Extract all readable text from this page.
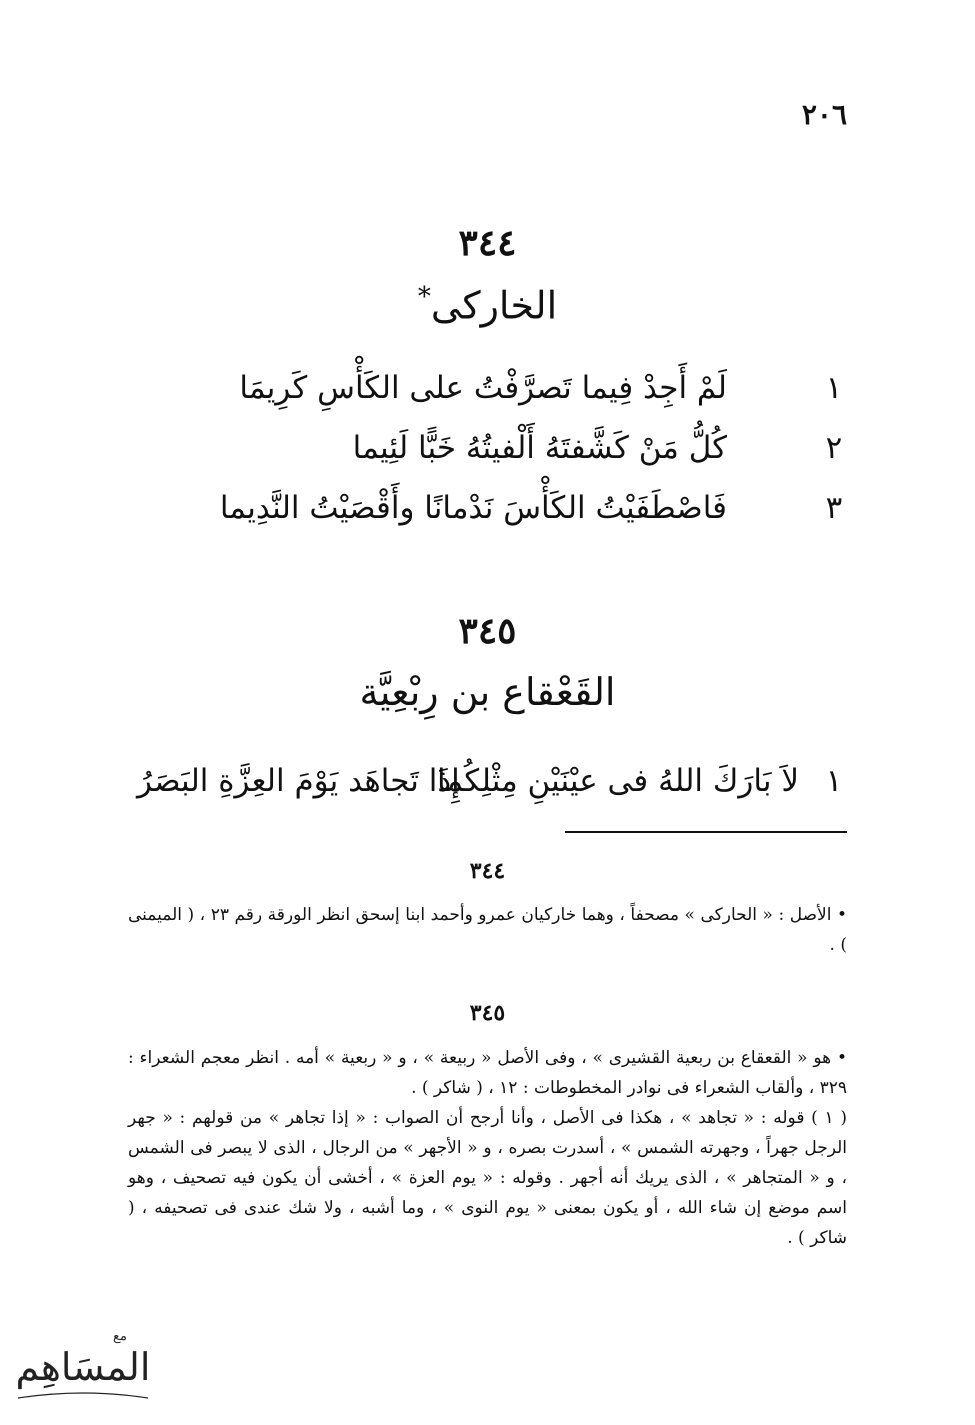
٢٠٦
٣٤٤
الخاركى*
١
لَمْ أَجِدْ فِيما تَصرَّفْتُ على الكَأْسِ كَرِيمَا
٢
كُلُّ مَنْ كَشَّفتَهُ أَلْفيتُهُ خَبًّا لَئِيما
٣
فَاصْطَفَيْتُ الكَأْسَ نَدْمانًا وأَقْصَيْتُ النَّدِيما
٣٤٥
القَعْقاع بن رِبْعِيَّة
١
لاَ بَارَكَ اللهُ فى عيْنَيْنِ مِثْلِكُما
إِذَا تَجاهَد يَوْمَ العِزَّةِ البَصَرُ
٣٤٤

• الأصل : « الحاركى » مصحفاً ، وهما خاركيان عمرو وأحمد ابنا إسحق انظر الورقة رقم ٢٣ ، ( الميمنى ) .

٣٤٥

• هو « القعقاع بن ربعية القشيرى » ، وفى الأصل « ربيعة » ، و « ربعية » أمه . انظر معجم الشعراء : ٣٢٩ ، وألقاب الشعراء فى نوادر المخطوطات : ١٢ ، ( شاكر ) .

( ١ ) قوله : « تجاهد » ، هكذا فى الأصل ، وأنا أرجح أن الصواب : « إذا تجاهر » من قولهم : « جهر الرجل جهراً ، وجهرته الشمس » ، أسدرت بصره ، و « الأجهر » من الرجال ، الذى لا يبصر فى الشمس ، و « المتجاهر » ، الذى يريك أنه أجهر . وقوله : « يوم العزة » ، أخشى أن يكون فيه تصحيف ، وهو اسم موضع إن شاء الله ، أو يكون بمعنى « يوم النوى » ، وما أشبه ، ولا شك عندى فى تصحيفه ، ( شاكر ) .

المسَاهِم
مع
